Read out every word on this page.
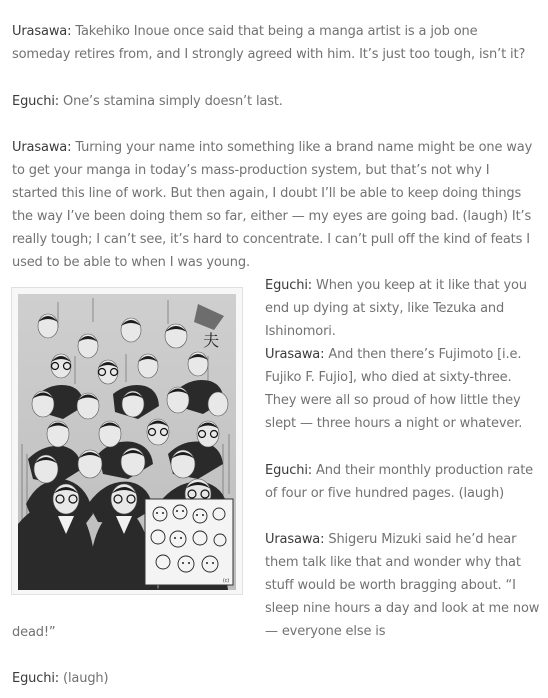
Urasawa: Takehiko Inoue once said that being a manga artist is a job one someday retires from, and I strongly agreed with him. It’s just too tough, isn’t it?

Eguchi: One’s stamina simply doesn’t last.

Urasawa: Turning your name into something like a brand name might be one way to get your manga in today’s mass-production system, but that’s not why I started this line of work. But then again, I doubt I’ll be able to keep doing things the way I’ve been doing them so far, either — my eyes are going bad. (laugh) It’s really tough; I can’t see, it’s hard to concentrate. I can’t pull off the kind of feats I used to be able to when I was young.

夫
(c)

Eguchi: When you keep at it like that you end up dying at sixty, like Tezuka and Ishinomori.

Urasawa: And then there’s Fujimoto [i.e. Fujiko F. Fujio], who died at sixty-three. They were all so proud of how little they slept — three hours a night or whatever.

Eguchi: And their monthly production rate of four or five hundred pages. (laugh)

Urasawa: Shigeru Mizuki said he’d hear them talk like that and wonder why that stuff would be worth bragging about. “I sleep nine hours a day and look at me now — everyone else is

dead!”

Eguchi: (laugh)
